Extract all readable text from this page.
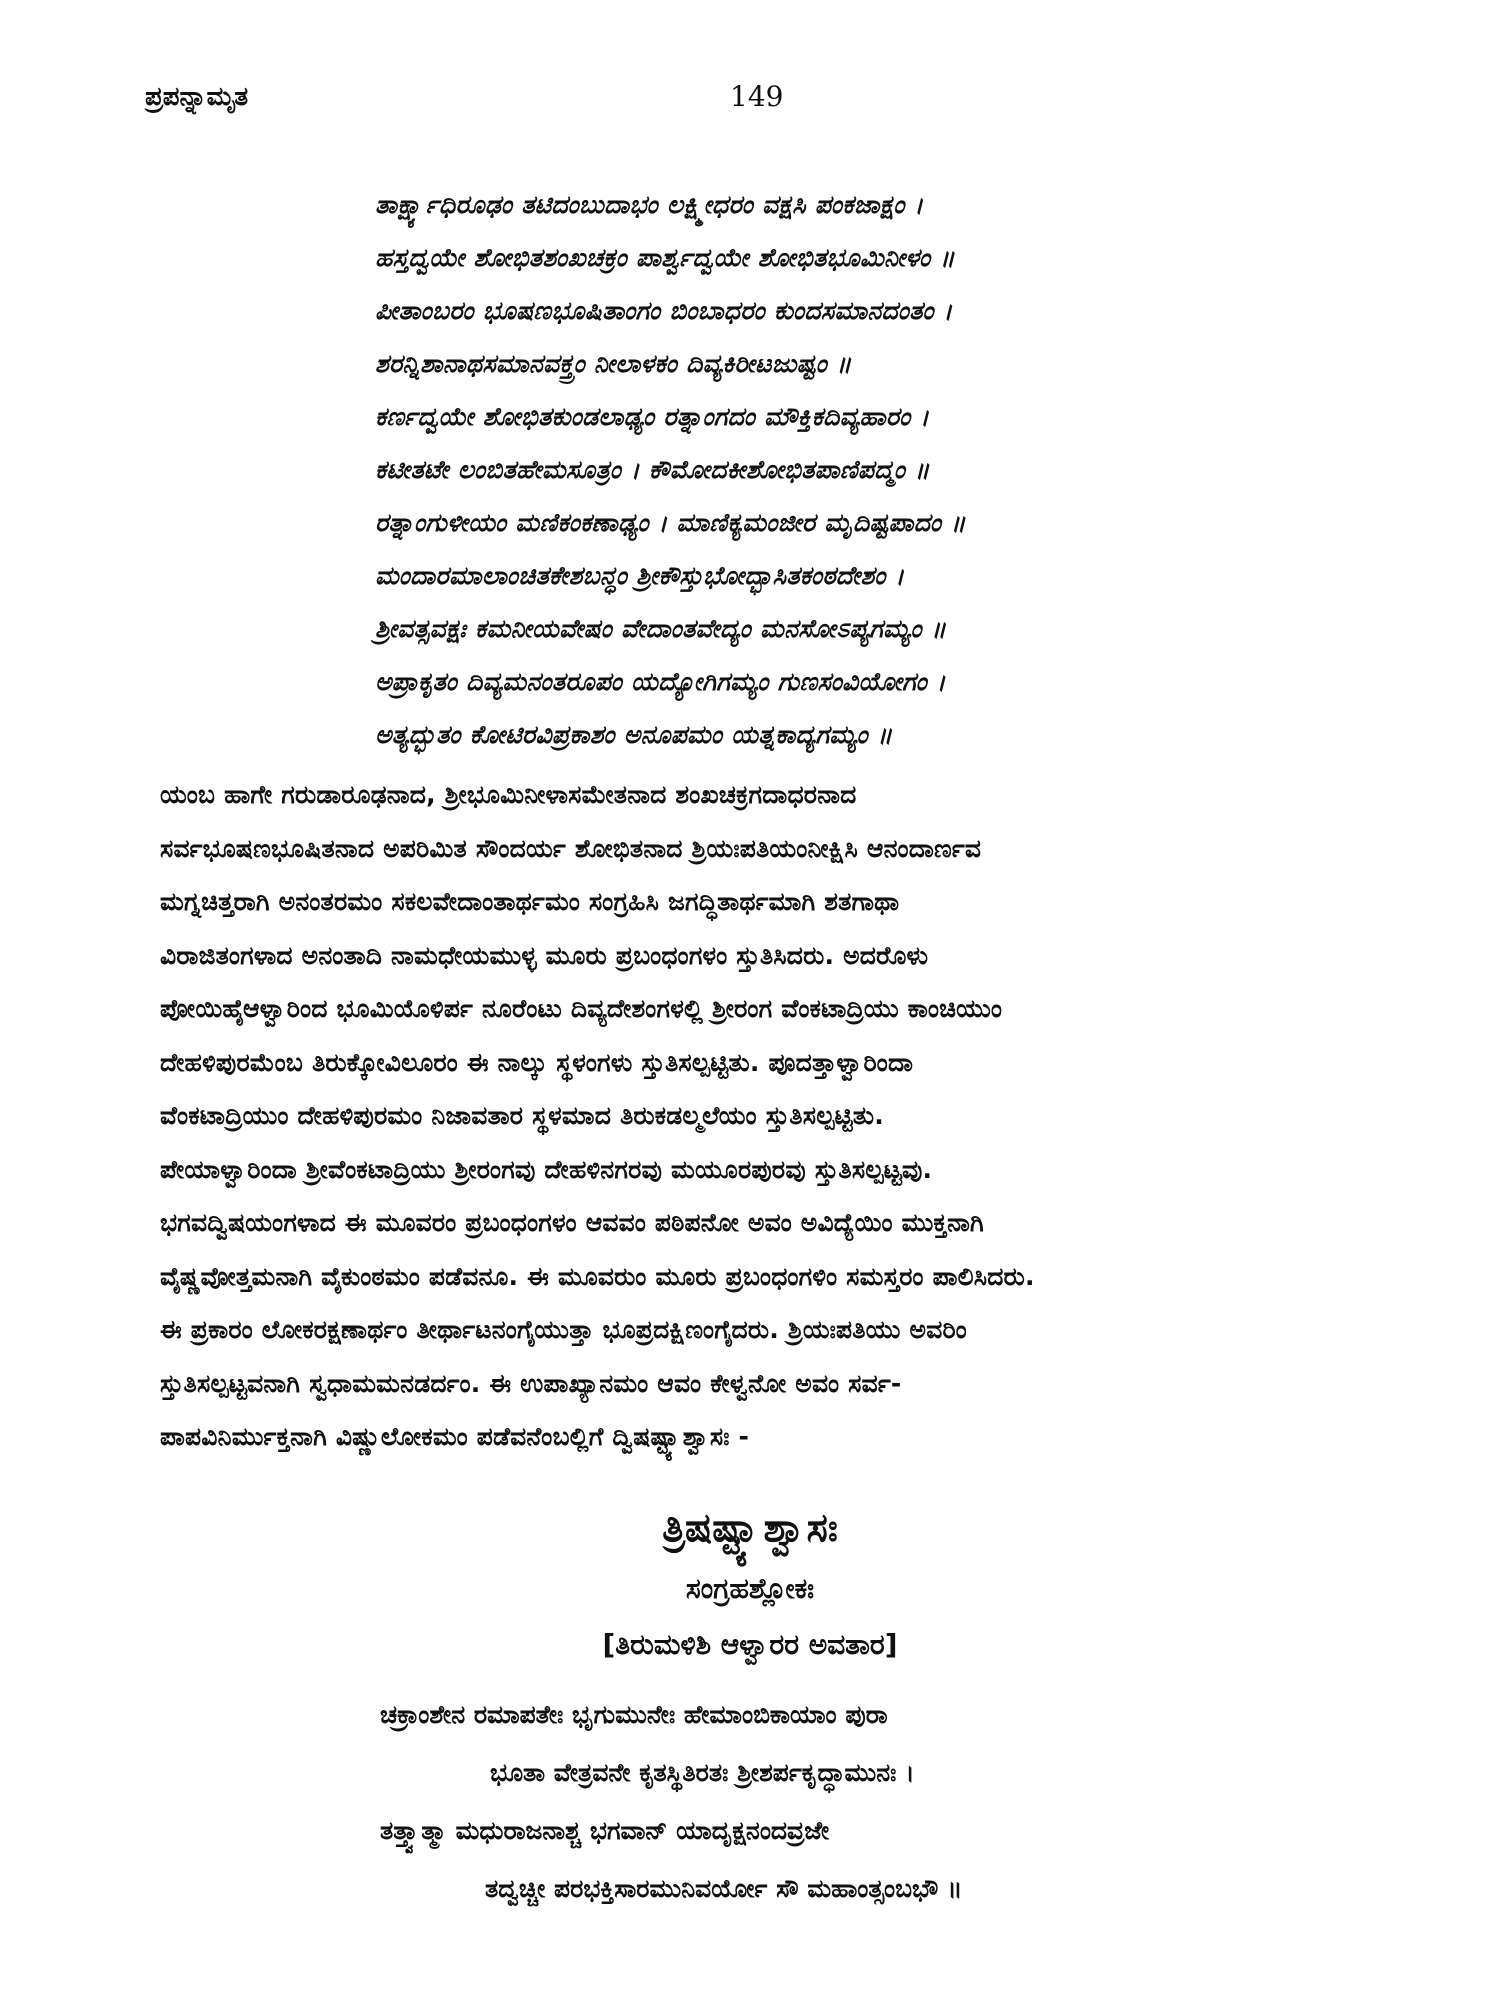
ಪ್ರಪನ್ನಾಮೃತ	149
ತಾರ್ಕ್ಷ್ಯಾಧಿರೂಢಂ ತಟಿದಂಬುದಾಭಂ ಲಕ್ಷ್ಮೀಧರಂ ವಕ್ಷಸಿ ಪಂಕಜಾಕ್ಷಂ ।
ಹಸ್ತದ್ವಯೇ ಶೋಭಿತಶಂಖಚಕ್ರಂ ಪಾರ್ಶ್ವದ್ವಯೇ ಶೋಭಿತಭೂಮಿನೀಳಂ ॥
ಪೀತಾಂಬರಂ ಭೂಷಣಭೂಷಿತಾಂಗಂ ಬಿಂಬಾಧರಂ ಕುಂದಸಮಾನದಂತಂ ।
ಶರನ್ನಿಶಾನಾಥಸಮಾನವಕ್ತ್ರಂ ನೀಲಾಳಕಂ ದಿವ್ಯಕಿರೀಟಜುಷ್ಟಂ ॥
ಕರ್ಣದ್ವಯೇ ಶೋಭಿತಕುಂಡಲಾಢ್ಯಂ ರತ್ನಾಂಗದಂ ಮೌಕ್ತಿಕದಿವ್ಯಹಾರಂ ।
ಕಟೀತಟೇ ಲಂಬಿತಹೇಮಸೂತ್ರಂ । ಕೌಮೋದಕೀಶೋಭಿತಪಾಣಿಪದ್ಮಂ ॥
ರತ್ನಾಂಗುಳೀಯಂ ಮಣಿಕಂಕಣಾಢ್ಯಂ । ಮಾಣಿಕ್ಯಮಂಜೀರ ಮೃದಿಷ್ಟಪಾದಂ ॥
ಮಂದಾರಮಾಲಾಂಚಿತಕೇಶಬನ್ಧಂ ಶ್ರೀಕೌಸ್ತುಭೋದ್ಭಾಸಿತಕಂಠದೇಶಂ ।
ಶ್ರೀವತ್ಸವಕ್ಷಃ ಕಮನೀಯವೇಷಂ ವೇದಾಂತವೇದ್ಯಂ ಮನಸೋಽಪ್ಯಗಮ್ಯಂ ॥
ಅಪ್ರಾಕೃತಂ ದಿವ್ಯಮನಂತರೂಪಂ ಯದ್ಯೋಗಿಗಮ್ಯಂ ಗುಣಸಂವಿಯೋಗಂ ।
ಅತ್ಯದ್ಭುತಂ ಕೋಟಿರವಿಪ್ರಕಾಶಂ ಅನೂಪಮಂ ಯತ್ನಕಾದ್ಯಗಮ್ಯಂ ॥
ಯಂಬ ಹಾಗೇ ಗರುಡಾರೂಢನಾದ, ಶ್ರೀಭೂಮಿನೀಳಾಸಮೇತನಾದ ಶಂಖಚಕ್ರಗದಾಧರನಾದ
ಸರ್ವಭೂಷಣಭೂಷಿತನಾದ ಅಪರಿಮಿತ ಸೌಂದರ್ಯ ಶೋಭಿತನಾದ ಶ್ರಿಯಃಪತಿಯಂನೀಕ್ಷಿಸಿ ಆನಂದಾರ್ಣವ
ಮಗ್ನಚಿತ್ತರಾಗಿ ಅನಂತರಮಂ ಸಕಲವೇದಾಂತಾರ್ಥಮಂ ಸಂಗ್ರಹಿಸಿ ಜಗದ್ಧಿತಾರ್ಥಮಾಗಿ ಶತಗಾಥಾ
ವಿರಾಜಿತಂಗಳಾದ ಅನಂತಾದಿ ನಾಮಧೇಯಮುಳ್ಳ ಮೂರು ಪ್ರಬಂಧಂಗಳಂ ಸ್ತುತಿಸಿದರು. ಅದರೊಳು
ಪೋಯಿಹೈಆಳ್ವಾರಿಂದ ಭೂಮಿಯೊಳಿರ್ಪ ನೂರೆಂಟು ದಿವ್ಯದೇಶಂಗಳಲ್ಲಿ ಶ್ರೀರಂಗ ವೆಂಕಟಾದ್ರಿಯು ಕಾಂಚಿಯುಂ
ದೇಹಳಿಪುರಮೆಂಬ ತಿರುಕ್ಕೋವಿಲೂರಂ ಈ ನಾಲ್ಕು ಸ್ಥಳಂಗಳು ಸ್ತುತಿಸಲ್ಪಟ್ಟಿತು. ಪೂದತ್ತಾಳ್ವಾರಿಂದಾ
ವೆಂಕಟಾದ್ರಿಯುಂ ದೇಹಳಿಪುರಮಂ ನಿಜಾವತಾರ ಸ್ಥಳಮಾದ ತಿರುಕಡಲ್ಮಲೆಯಂ ಸ್ತುತಿಸಲ್ಪಟ್ಟಿತು.
ಪೇಯಾಳ್ವಾರಿಂದಾ ಶ್ರೀವೆಂಕಟಾದ್ರಿಯು ಶ್ರೀರಂಗವು ದೇಹಳಿನಗರವು ಮಯೂರಪುರವು ಸ್ತುತಿಸಲ್ಪಟ್ಟವು.
ಭಗವದ್ವಿಷಯಂಗಳಾದ ಈ ಮೂವರಂ ಪ್ರಬಂಧಂಗಳಂ ಆವವಂ ಪಠಿಪನೋ ಅವಂ ಅವಿದ್ಯೆಯಿಂ ಮುಕ್ತನಾಗಿ
ವೈಷ್ಣವೋತ್ತಮನಾಗಿ ವೈಕುಂಠಮಂ ಪಡೆವನೂ. ಈ ಮೂವರುಂ ಮೂರು ಪ್ರಬಂಧಂಗಳಿಂ ಸಮಸ್ತರಂ ಪಾಲಿಸಿದರು.
ಈ ಪ್ರಕಾರಂ ಲೋಕರಕ್ಷಣಾರ್ಥಂ ತೀರ್ಥಾಟನಂಗೈಯುತ್ತಾ ಭೂಪ್ರದಕ್ಷಿಣಂಗೈದರು. ಶ್ರಿಯಃಪತಿಯು ಅವರಿಂ
ಸ್ತುತಿಸಲ್ಪಟ್ಟವನಾಗಿ ಸ್ವಧಾಮಮನಡರ್ದಂ. ಈ ಉಪಾಖ್ಯಾನಮಂ ಆವಂ ಕೇಳ್ವನೋ ಅವಂ ಸರ್ವ-
ಪಾಪವಿನಿರ್ಮುಕ್ತನಾಗಿ ವಿಷ್ಣುಲೋಕಮಂ ಪಡೆವನೆಂಬಲ್ಲಿಗೆ ದ್ವಿಷಷ್ಟ್ಯಾಶ್ವಾಸಃ -
ತ್ರಿಷಷ್ಟ್ಯಾಶ್ವಾಸಃ
ಸಂಗ್ರಹಶ್ಲೋಕಃ
[ತಿರುಮಳಿಶಿ ಆಳ್ವಾರರ ಅವತಾರ]
ಚಕ್ರಾಂಶೇನ ರಮಾಪತೇಃ ಭೃಗುಮುನೇಃ ಹೇಮಾಂಬಿಕಾಯಾಂ ಪುರಾ
ಭೂತಾ ವೇತ್ರವನೇ ಕೃತಸ್ಥಿತಿರತಃ ಶ್ರೀಶರ್ಪಕೃದ್ಧಾಮುನಃ ।
ತತ್ತ್ವಾತ್ಮಾ ಮಧುರಾಜನಾಶ್ಚ ಭಗವಾನ್ ಯಾದೃಕ್ಷನಂದವ್ರಜೇ
ತದ್ವಚ್ಚೀ ಪರಭಕ್ತಿಸಾರಮುನಿವರ್ಯೋ ಸೌ ಮಹಾಂತ್ಸಂಬಭೌ ॥
